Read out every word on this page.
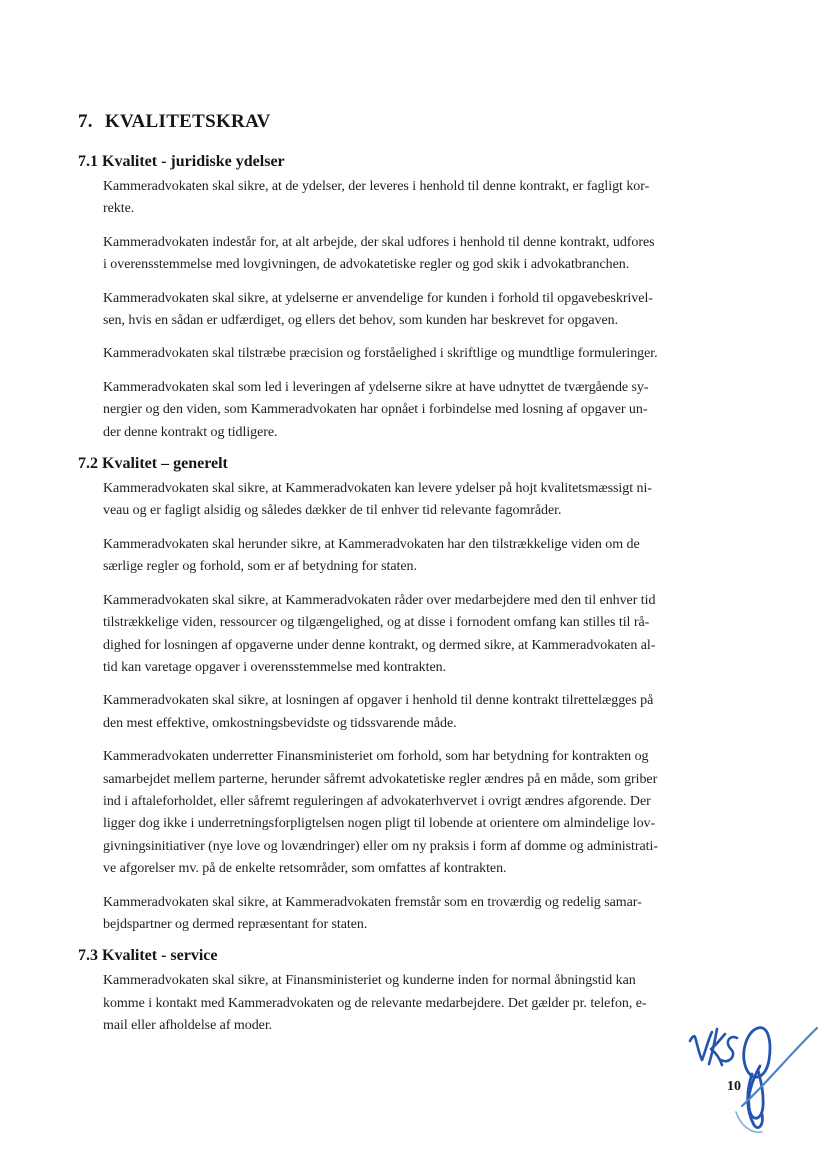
7. KVALITETSKRAV
7.1 Kvalitet - juridiske ydelser
Kammeradvokaten skal sikre, at de ydelser, der leveres i henhold til denne kontrakt, er fagligt kor-
rekte.
Kammeradvokaten indestår for, at alt arbejde, der skal udfores i henhold til denne kontrakt, udfores
i overensstemmelse med lovgivningen, de advokatetiske regler og god skik i advokatbranchen.
Kammeradvokaten skal sikre, at ydelserne er anvendelige for kunden i forhold til opgavebeskrivel-
sen, hvis en sådan er udfærdiget, og ellers det behov, som kunden har beskrevet for opgaven.
Kammeradvokaten skal tilstræbe præcision og forståelighed i skriftlige og mundtlige formuleringer.
Kammeradvokaten skal som led i leveringen af ydelserne sikre at have udnyttet de tværgående sy-
nergier og den viden, som Kammeradvokaten har opnået i forbindelse med losning af opgaver un-
der denne kontrakt og tidligere.
7.2 Kvalitet – generelt
Kammeradvokaten skal sikre, at Kammeradvokaten kan levere ydelser på hojt kvalitetsmæssigt ni-
veau og er fagligt alsidig og således dækker de til enhver tid relevante fagområder.
Kammeradvokaten skal herunder sikre, at Kammeradvokaten har den tilstrækkelige viden om de
særlige regler og forhold, som er af betydning for staten.
Kammeradvokaten skal sikre, at Kammeradvokaten råder over medarbejdere med den til enhver tid
tilstrækkelige viden, ressourcer og tilgængelighed, og at disse i fornodent omfang kan stilles til rå-
dighed for losningen af opgaverne under denne kontrakt, og dermed sikre, at Kammeradvokaten al-
tid kan varetage opgaver i overensstemmelse med kontrakten.
Kammeradvokaten skal sikre, at losningen af opgaver i henhold til denne kontrakt tilrettelægges på
den mest effektive, omkostningsbevidste og tidssvarende måde.
Kammeradvokaten underretter Finansministeriet om forhold, som har betydning for kontrakten og
samarbejdet mellem parterne, herunder såfremt advokatetiske regler ændres på en måde, som griber
ind i aftaleforholdet, eller såfremt reguleringen af advokaterhvervet i ovrigt ændres afgorende. Der
ligger dog ikke i underretningsforpligtelsen nogen pligt til lobende at orientere om almindelige lov-
givningsinitiativer (nye love og lovændringer) eller om ny praksis i form af domme og administrati-
ve afgorelser mv. på de enkelte retsområder, som omfattes af kontrakten.
Kammeradvokaten skal sikre, at Kammeradvokaten fremstår som en troværdig og redelig samar-
bejdspartner og dermed repræsentant for staten.
7.3 Kvalitet - service
Kammeradvokaten skal sikre, at Finansministeriet og kunderne inden for normal åbningstid kan
komme i kontakt med Kammeradvokaten og de relevante medarbejdere. Det gælder pr. telefon, e-
mail eller afholdelse af moder.
10
